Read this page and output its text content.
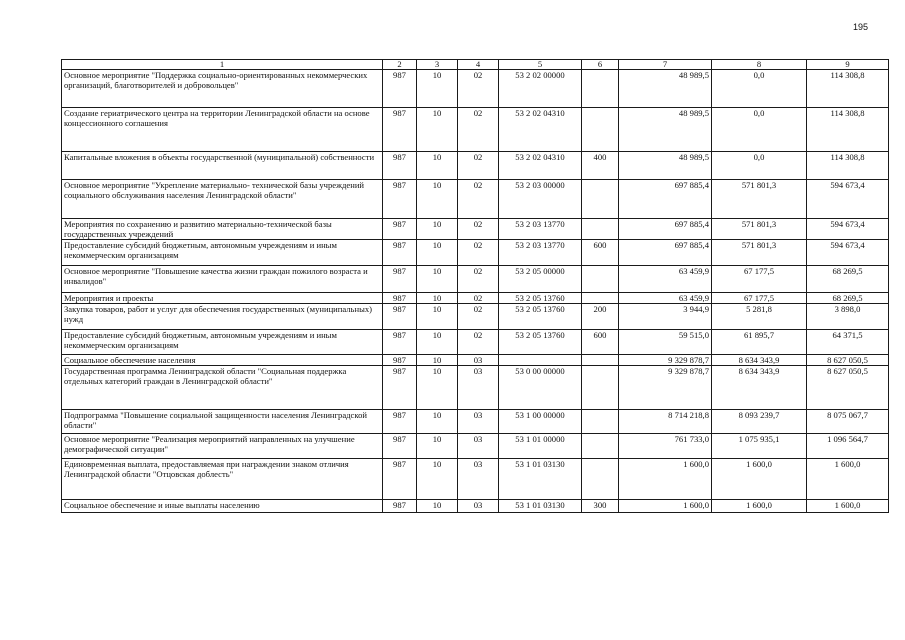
195
1	2	3	4	5	6	7	8	9
Основное мероприятие "Поддержка социально-ориентированных некоммерческих организаций, благотворителей и добровольцев"	987	10	02	53 2 02 00000		48 989,5	0,0	114 308,8
Создание гериатрического центра на территории Ленинградской области на основе концессионного соглашения	987	10	02	53 2 02 04310		48 989,5	0,0	114 308,8
Капитальные вложения в объекты государственной (муниципальной) собственности	987	10	02	53 2 02 04310	400	48 989,5	0,0	114 308,8
Основное мероприятие "Укрепление материально- технической базы учреждений социального обслуживания населения Ленинградской области"	987	10	02	53 2 03 00000		697 885,4	571 801,3	594 673,4
Мероприятия по сохранению и развитию материально-технической базы государственных учреждений	987	10	02	53 2 03 13770		697 885,4	571 801,3	594 673,4
Предоставление субсидий бюджетным, автономным учреждениям и иным некоммерческим организациям	987	10	02	53 2 03 13770	600	697 885,4	571 801,3	594 673,4
Основное мероприятие "Повышение качества жизни граждан пожилого возраста и инвалидов"	987	10	02	53 2 05 00000		63 459,9	67 177,5	68 269,5
Мероприятия и проекты	987	10	02	53 2 05 13760		63 459,9	67 177,5	68 269,5
Закупка товаров, работ и услуг для обеспечения государственных (муниципальных) нужд	987	10	02	53 2 05 13760	200	3 944,9	5 281,8	3 898,0
Предоставление субсидий бюджетным, автономным учреждениям и иным некоммерческим организациям	987	10	02	53 2 05 13760	600	59 515,0	61 895,7	64 371,5
Социальное обеспечение населения	987	10	03			9 329 878,7	8 634 343,9	8 627 050,5
Государственная программа Ленинградской области "Социальная поддержка отдельных категорий граждан в Ленинградской области"	987	10	03	53 0 00 00000		9 329 878,7	8 634 343,9	8 627 050,5
Подпрограмма "Повышение социальной защищенности населения Ленинградской области"	987	10	03	53 1 00 00000		8 714 218,8	8 093 239,7	8 075 067,7
Основное мероприятие "Реализация мероприятий направленных на улучшение демографической ситуации"	987	10	03	53 1 01 00000		761 733,0	1 075 935,1	1 096 564,7
Единовременная выплата, предоставляемая при награждении знаком отличия Ленинградской области "Отцовская доблесть"	987	10	03	53 1 01 03130		1 600,0	1 600,0	1 600,0
Социальное обеспечение и иные выплаты населению	987	10	03	53 1 01 03130	300	1 600,0	1 600,0	1 600,0
